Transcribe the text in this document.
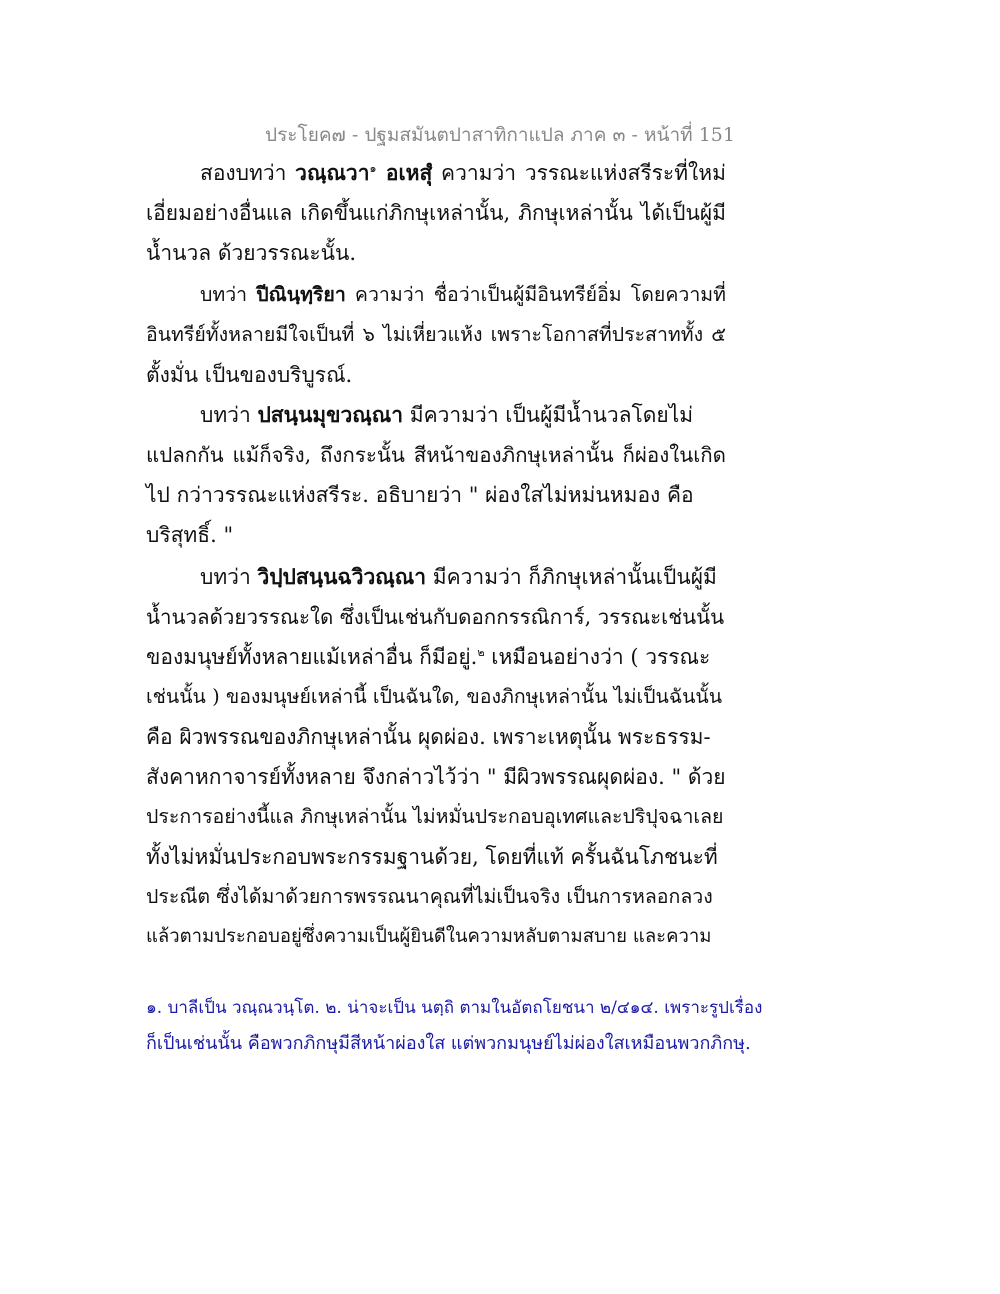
ประโยค๗ - ปฐมสมันตปาสาทิกาแปล ภาค ๓ - หน้าที่ 151
สองบทว่า วณฺณวา$^๑$ อเหสุํ ความว่า วรรณะแห่งสรีระที่ใหม่
เอี่ยมอย่างอื่นแล เกิดขึ้นแก่ภิกษุเหล่านั้น, ภิกษุเหล่านั้น ได้เป็นผู้มี
น้ำนวล ด้วยวรรณะนั้น.
บทว่า ปีณินฺทฺริยา ความว่า ชื่อว่าเป็นผู้มีอินทรีย์อิ่ม โดยความที่
อินทรีย์ทั้งหลายมีใจเป็นที่ ๖ ไม่เหี่ยวแห้ง เพราะโอกาสที่ประสาททั้ง ๕
ตั้งมั่น เป็นของบริบูรณ์.
บทว่า ปสนฺนมุขวณฺณา มีความว่า เป็นผู้มีน้ำนวลโดยไม่
แปลกกัน แม้ก็จริง, ถึงกระนั้น สีหน้าของภิกษุเหล่านั้น ก็ผ่องในเกิด
ไป กว่าวรรณะแห่งสรีระ. อธิบายว่า " ผ่องใสไม่หม่นหมอง คือ
บริสุทธิ์. "
บทว่า วิปฺปสนฺนฉวิวณฺณา มีความว่า ก็ภิกษุเหล่านั้นเป็นผู้มี
น้ำนวลด้วยวรรณะใด ซึ่งเป็นเช่นกับดอกกรรณิการ์, วรรณะเช่นนั้น
ของมนุษย์ทั้งหลายแม้เหล่าอื่น ก็มีอยู่.$^๒$ เหมือนอย่างว่า ( วรรณะ
เช่นนั้น ) ของมนุษย์เหล่านี้ เป็นฉันใด, ของภิกษุเหล่านั้น ไม่เป็นฉันนั้น
คือ ผิวพรรณของภิกษุเหล่านั้น ผุดผ่อง. เพราะเหตุนั้น พระธรรม-
สังคาหกาจารย์ทั้งหลาย จึงกล่าวไว้ว่า " มีผิวพรรณผุดผ่อง. " ด้วย
ประการอย่างนี้แล ภิกษุเหล่านั้น ไม่หมั่นประกอบอุเทศและปริปุจฉาเลย
ทั้งไม่หมั่นประกอบพระกรรมฐานด้วย, โดยที่แท้ ครั้นฉันโภชนะที่
ประณีต ซึ่งได้มาด้วยการพรรณนาคุณที่ไม่เป็นจริง เป็นการหลอกลวง
แล้วตามประกอบอยู่ซึ่งความเป็นผู้ยินดีในความหลับตามสบาย และความ
๑. บาลีเป็น วณฺณวนฺโต. ๒. น่าจะเป็น นตฺถิ ตามในอัตถโยชนา ๒/๔๑๔. เพราะรูปเรื่อง
ก็เป็นเช่นนั้น คือพวกภิกษุมีสีหน้าผ่องใส แต่พวกมนุษย์ไม่ผ่องใสเหมือนพวกภิกษุ.
